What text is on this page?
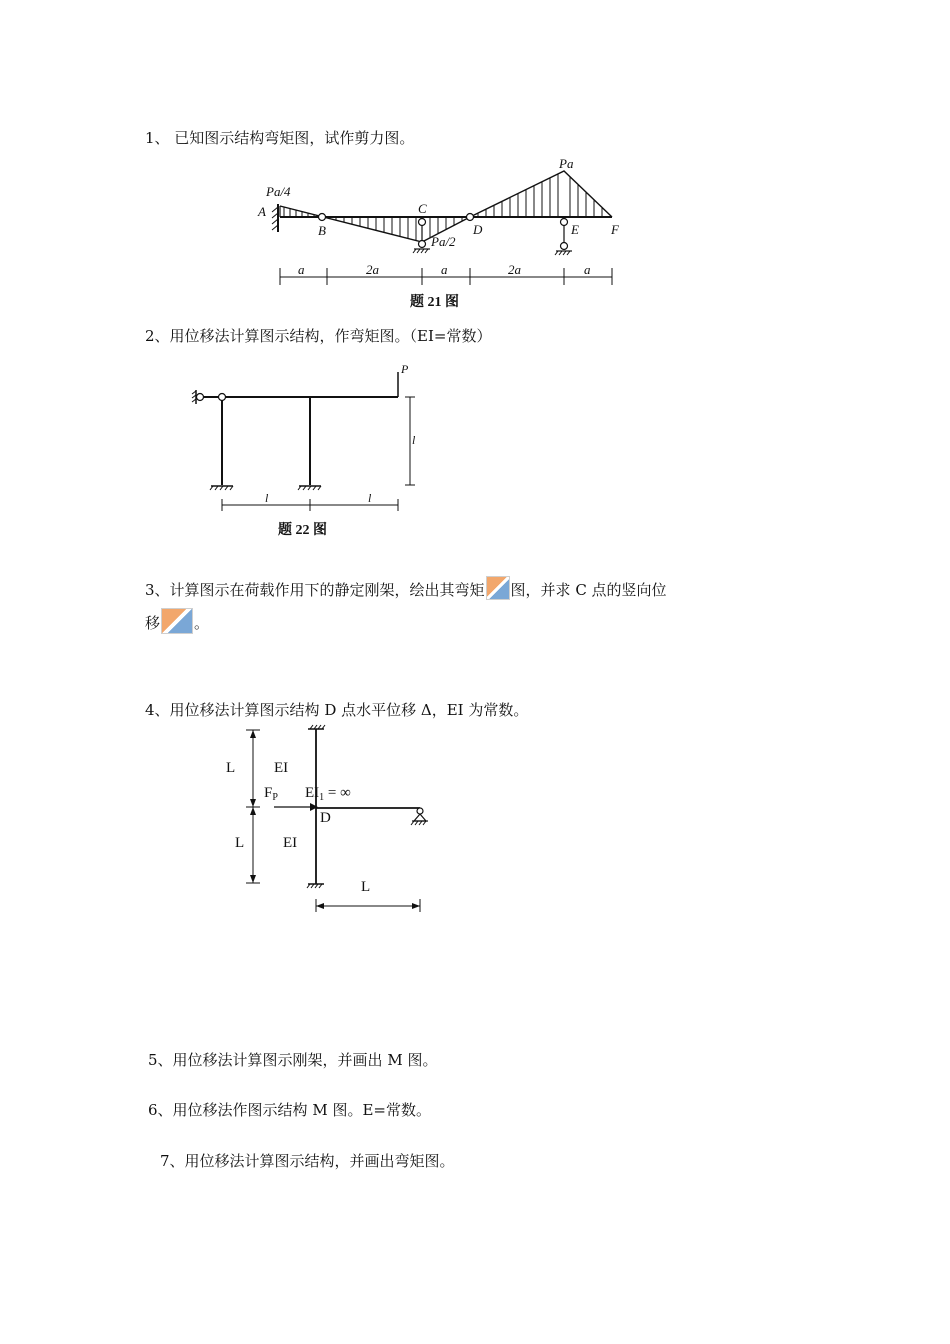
1、 已知图示结构弯矩图，试作剪力图。
Pa
Pa/4
Pa/2
A
B
C
D	E F
a	2a	a	2a	a
题 21 图
2、用位移法计算图示结构，作弯矩图。（EI=常数）
P
l
l	l
题 22 图
3、计算图示在荷载作用下的静定刚架，绘出其弯矩 图，并求 C 点的竖向位
移 。
4、用位移法计算图示结构 D 点水平位移 Δ，EI 为常数。
L	EI
$F_P$ $EI_1$ = ∞
D
L	EI
L
5、用位移法计算图示刚架，并画出 M 图。
6、用位移法作图示结构 M 图。E=常数。
7、用位移法计算图示结构，并画出弯矩图。
